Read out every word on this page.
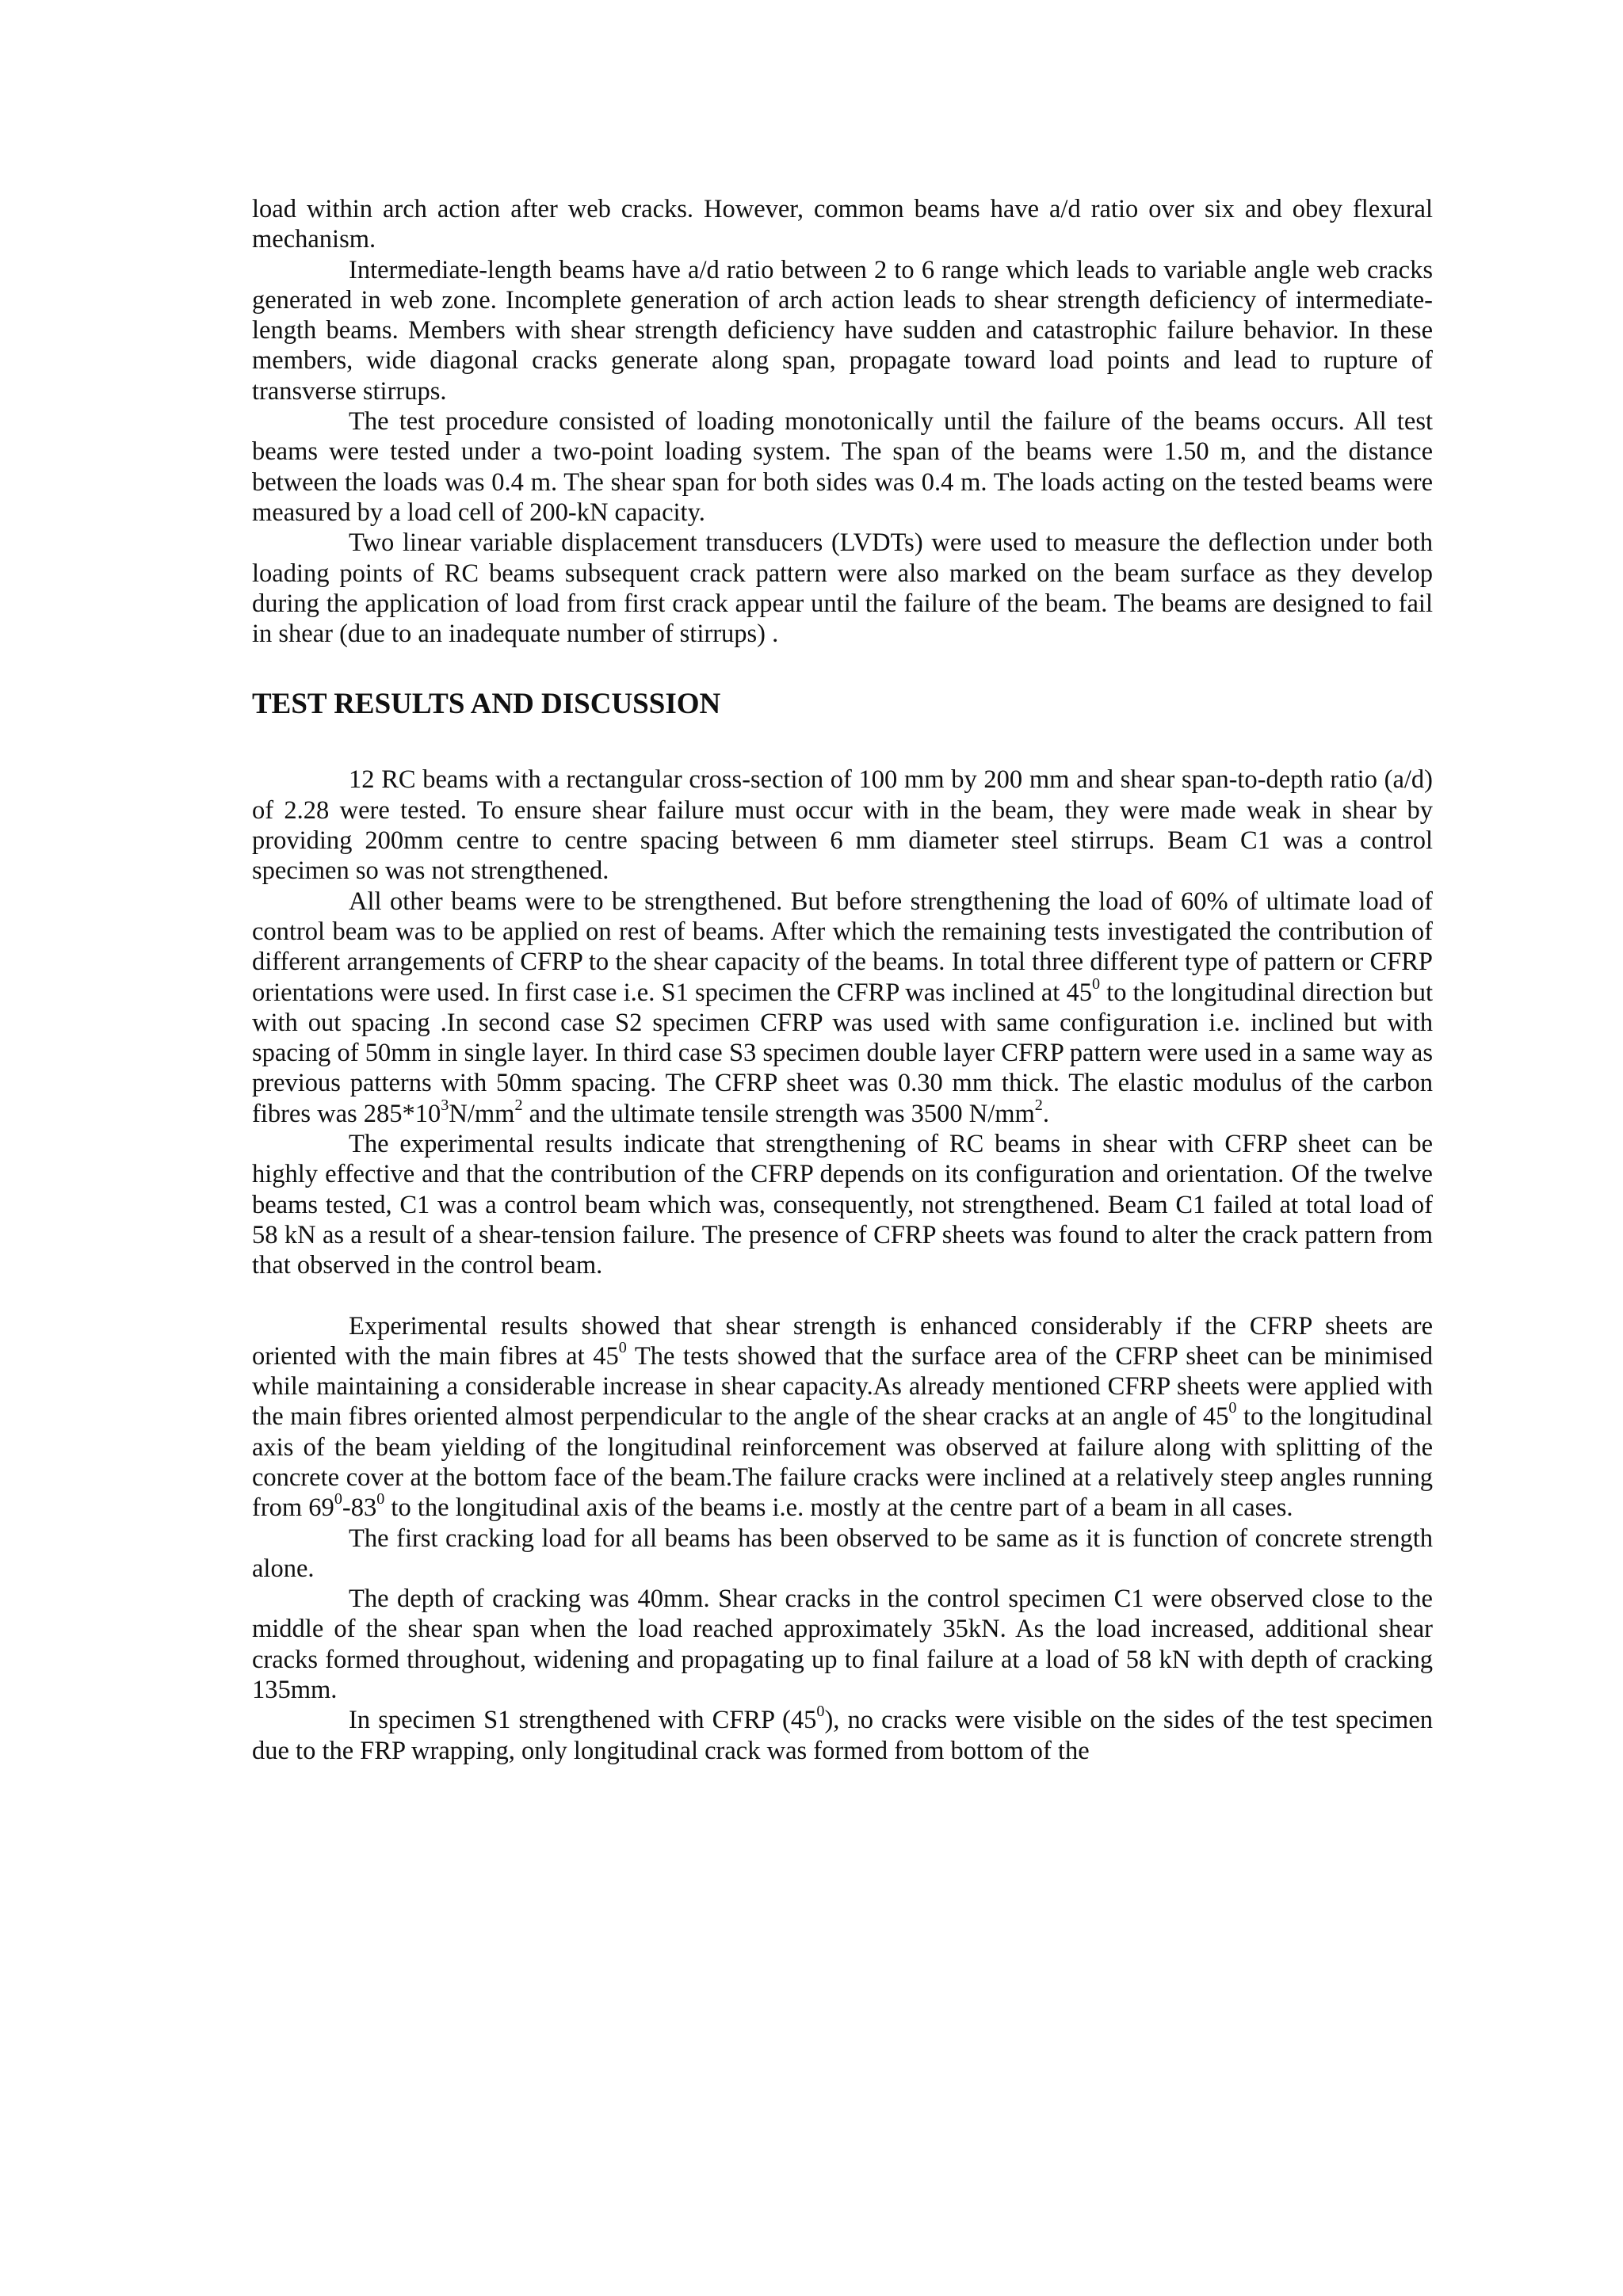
load within arch action after web cracks. However, common beams have a/d ratio over six and obey flexural mechanism.

Intermediate-length beams have a/d ratio between 2 to 6 range which leads to variable angle web cracks generated in web zone. Incomplete generation of arch action leads to shear strength deficiency of intermediate-length beams. Members with shear strength deficiency have sudden and catastrophic failure behavior. In these members, wide diagonal cracks generate along span, propagate toward load points and lead to rupture of transverse stirrups.

The test procedure consisted of loading monotonically until the failure of the beams occurs. All test beams were tested under a two-point loading system. The span of the beams were 1.50 m, and the distance between the loads was 0.4 m. The shear span for both sides was 0.4 m. The loads acting on the tested beams were measured by a load cell of 200-kN capacity.

Two linear variable displacement transducers (LVDTs) were used to measure the deflection under both loading points of RC beams subsequent crack pattern were also marked on the beam surface as they develop during the application of load from first crack appear until the failure of the beam. The beams are designed to fail in shear (due to an inadequate number of stirrups) .

TEST RESULTS AND DISCUSSION

12 RC beams with a rectangular cross-section of 100 mm by 200 mm and shear span-to-depth ratio (a/d) of 2.28 were tested. To ensure shear failure must occur with in the beam, they were made weak in shear by providing 200mm centre to centre spacing between 6 mm diameter steel stirrups. Beam C1 was a control specimen so was not strengthened.

All other beams were to be strengthened. But before strengthening the load of 60% of ultimate load of control beam was to be applied on rest of beams. After which the remaining tests investigated the contribution of different arrangements of CFRP to the shear capacity of the beams. In total three different type of pattern or CFRP orientations were used. In first case i.e. S1 specimen the CFRP was inclined at $45^0$ to the longitudinal direction but with out spacing .In second case S2 specimen CFRP was used with same configuration i.e. inclined but with spacing of 50mm in single layer. In third case S3 specimen double layer CFRP pattern were used in a same way as previous patterns with 50mm spacing. The CFRP sheet was 0.30 mm thick. The elastic modulus of the carbon fibres was $285*10^3N/mm^2$ and the ultimate tensile strength was 3500 $N/mm^2$.

The experimental results indicate that strengthening of RC beams in shear with CFRP sheet can be highly effective and that the contribution of the CFRP depends on its configuration and orientation. Of the twelve beams tested, C1 was a control beam which was, consequently, not strengthened. Beam C1 failed at total load of 58 kN as a result of a shear-tension failure. The presence of CFRP sheets was found to alter the crack pattern from that observed in the control beam.

Experimental results showed that shear strength is enhanced considerably if the CFRP sheets are oriented with the main fibres at $45^0$ The tests showed that the surface area of the CFRP sheet can be minimised while maintaining a considerable increase in shear capacity.As already mentioned CFRP sheets were applied with the main fibres oriented almost perpendicular to the angle of the shear cracks at an angle of $45^0$ to the longitudinal axis of the beam yielding of the longitudinal reinforcement was observed at failure along with splitting of the concrete cover at the bottom face of the beam.The failure cracks were inclined at a relatively steep angles running from $69^0-83^0$ to the longitudinal axis of the beams i.e. mostly at the centre part of a beam in all cases.

The first cracking load for all beams has been observed to be same as it is function of concrete strength alone.

The depth of cracking was 40mm. Shear cracks in the control specimen C1 were observed close to the middle of the shear span when the load reached approximately 35kN. As the load increased, additional shear cracks formed throughout, widening and propagating up to final failure at a load of 58 kN with depth of cracking 135mm.

In specimen S1 strengthened with CFRP $(45^0)$, no cracks were visible on the sides of the test specimen due to the FRP wrapping, only longitudinal crack was formed from bottom of the
